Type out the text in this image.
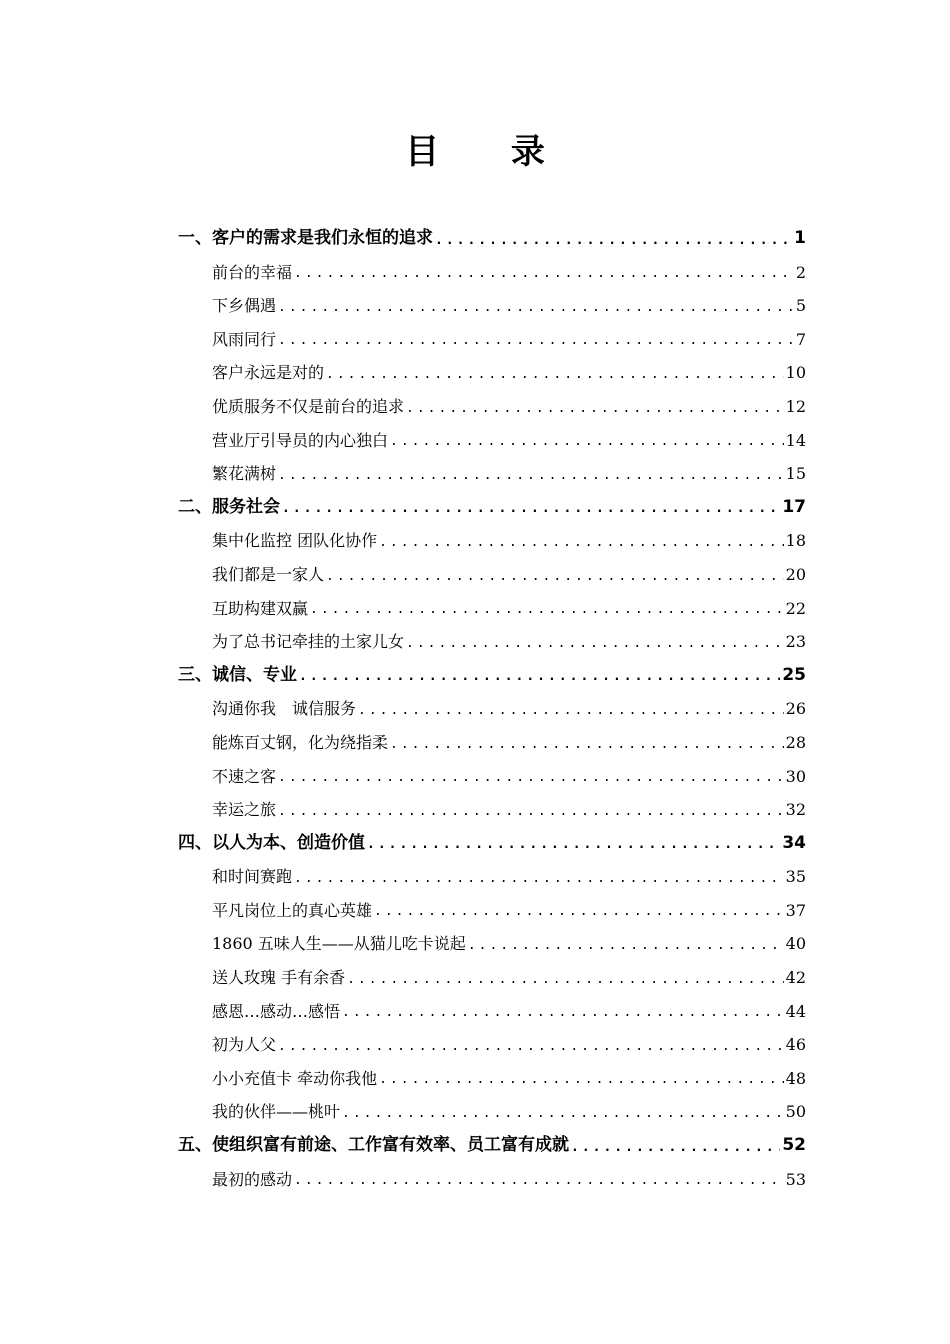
目 录
一、客户的需求是我们永恒的追求 .....	1
前台的幸福 .....	2
下乡偶遇 .....	5
风雨同行 .....	7
客户永远是对的 .....	10
优质服务不仅是前台的追求 .....	12
营业厅引导员的内心独白 .....	14
繁花满树 .....	15
二、服务社会 .....	17
集中化监控 团队化协作 .....	18
我们都是一家人 .....	20
互助构建双赢 .....	22
为了总书记牵挂的土家儿女 .....	23
三、诚信、专业 .....	25
沟通你我　诚信服务 .....	26
能炼百丈钢，化为绕指柔 .....	28
不速之客 .....	30
幸运之旅 .....	32
四、以人为本、创造价值 .....	34
和时间赛跑 .....	35
平凡岗位上的真心英雄 .....	37
1860 五味人生——从猫儿吃卡说起 .....	40
送人玫瑰 手有余香 .....	42
感恩…感动…感悟 .....	44
初为人父 .....	46
小小充值卡 牵动你我他 .....	48
我的伙伴——桃叶 .....	50
五、使组织富有前途、工作富有效率、员工富有成就 .....	52
最初的感动 .....	53
